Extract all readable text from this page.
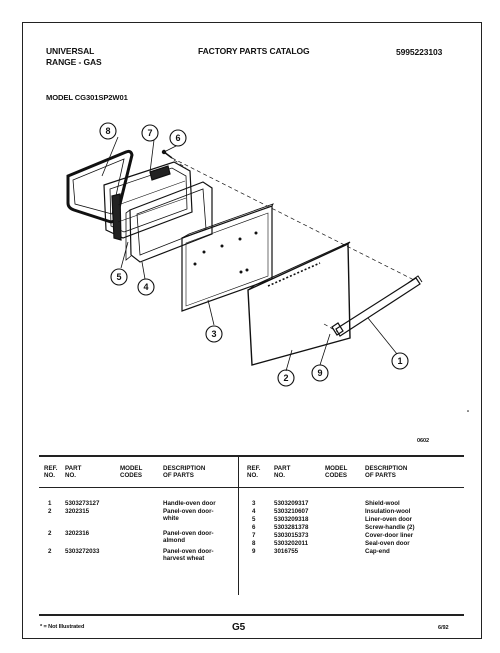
UNIVERSAL
RANGE - GAS
FACTORY PARTS CATALOG	5995223103
MODEL CG301SP2W01
8	7	6
5
4
3
2	9
1
0602
REF.
NO.
PART
NO.
MODEL
CODES
DESCRIPTION
OF PARTS
REF.
NO.
PART
NO.
MODEL
CODES
DESCRIPTION
OF PARTS
1 5303273127	Handle-oven door
2 3202315	Panel-oven door-
white
2 3202316	Panel-oven door-
almond
2 5303272033	Panel-oven door-
harvest wheat
3	5303209317	Shield-wool
4	5303210607	Insulation-wool
5	5303209318	Liner-oven door
6	5303281378	Screw-handle (2)
7	5303015373	Cover-door liner
8	5303202011	Seal-oven door
9	3016755	Cap-end
* = Not Illustrated	G5	6/92
